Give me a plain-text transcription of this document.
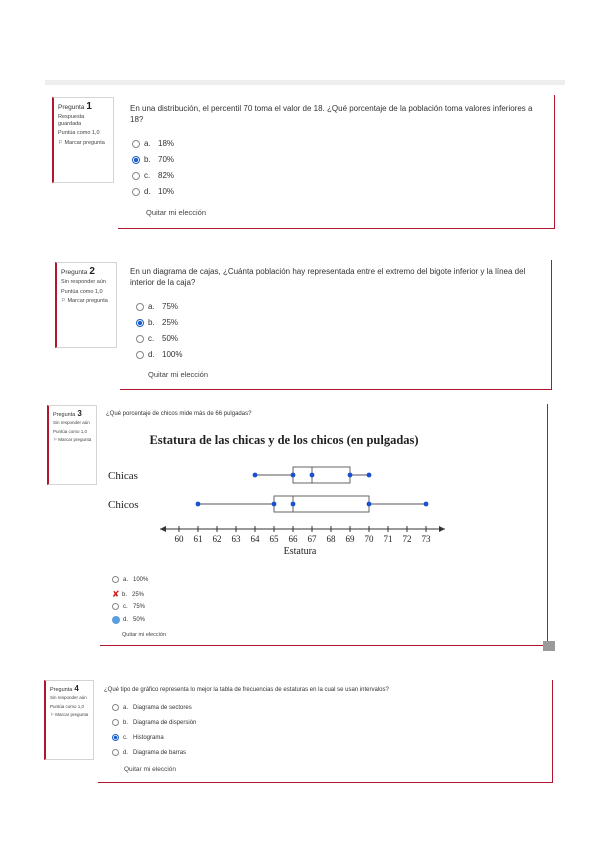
Pregunta 1
Respuesta guardada
Puntúa como 1,0
⚐ Marcar pregunta
En una distribución, el percentil 70 toma el valor de 18. ¿Qué porcentaje de la población toma valores inferiores a 18?
a. 18%
b. 70%
c. 82%
d. 10%
Quitar mi elección
Pregunta 2
Sin responder aún
Puntúa como 1,0
⚐ Marcar pregunta
En un diagrama de cajas, ¿Cuánta población hay representada entre el extremo del bigote inferior y la línea del interior de la caja?
a. 75%
b. 25%
c. 50%
d. 100%
Quitar mi elección
Pregunta 3
Sin responder aún
Puntúa como 1,0
⚐ Marcar pregunta
¿Qué porcentaje de chicos mide más de 66 pulgadas?
Estatura de las chicas y de los chicos (en pulgadas)
Estatura
60 61 62 63 64 65 66 67 68 69 70 71 72 73
Chicas
Chicos
a. 100%
✘ b. 25%
c. 75%
d. 50%
Quitar mi elección
Pregunta 4
Sin responder aún
Puntúa como 1,0
⚐ Marcar pregunta
¿Qué tipo de gráfico representa lo mejor la tabla de frecuencias de estaturas en la cual se usan intervalos?
a. Diagrama de sectores
b. Diagrama de dispersión
c. Histograma
d. Diagrama de barras
Quitar mi elección
